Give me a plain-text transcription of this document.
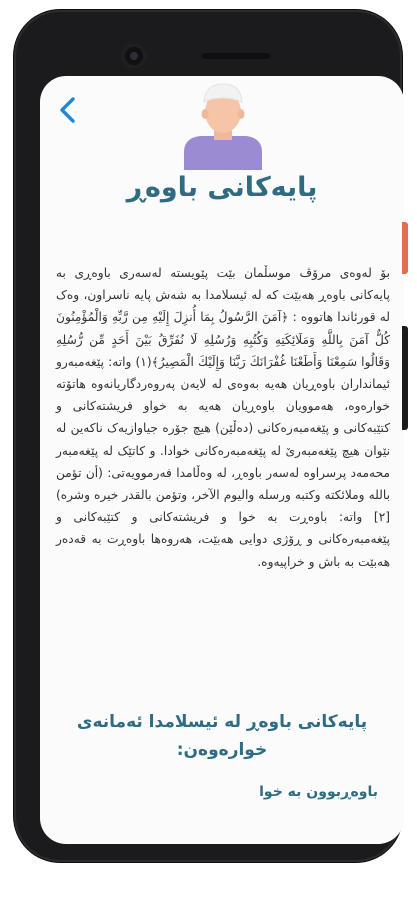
پایەکانی باوەڕ
بۆ لەوەی مرۆڤ موسڵمان بێت پێویستە لەسەری باوەڕی بە پایەکانی باوەڕ هەبێت کە لە ئیسلامدا بە شەش پایە ناسراون، وەک لە قورئاندا هاتووە : ﴿آمَنَ الرَّسُولُ بِمَا أُنزِلَ إِلَيْهِ مِن رَّبِّهِ وَالْمُؤْمِنُونَ كُلٌّ آمَنَ بِاللَّهِ وَمَلَائِكَتِهِ وَكُتُبِهِ وَرُسُلِهِ لَا نُفَرِّقُ بَيْنَ أَحَدٍ مِّن رُّسُلِهِ وَقَالُوا سَمِعْنَا وَأَطَعْنَا غُفْرَانَكَ رَبَّنَا وَإِلَيْكَ الْمَصِيرُ﴾(١) واتە: پێغەمبەرو ئیمانداران باوەڕیان هەیە بەوەی لە لایەن پەروەردگاریانەوە هاتۆتە خوارەوە، هەموویان باوەڕیان هەیە بە خواو فریشتەکانی و کتێبەکانی و پێغەمبەرەکانی (دەڵێن) هیچ جۆرە جیاوازیەک ناکەین لە نێوان هیچ پێغەمبەرێ لە پێغەمبەرەکانی خوادا. و کاتێک لە پێغەمبەر محەمەد پرسراوە لەسەر باوەڕ، لە وەڵامدا فەرموویەتی: (أن تؤمن بالله وملائكته وكتبه ورسله واليوم الآخر، وتؤمن بالقدر خيره وشره)[٢] واتە: باوەڕت بە خوا و فریشتەکانی و کتێبەکانی و پێغەمبەرەکانی و ڕۆژی دوایی هەبێت، هەروەها باوەڕت بە قەدەر هەبێت بە باش و خراپیەوە.
پایەکانی باوەڕ لە ئیسلامدا ئەمانەی خوارەوەن:
باوەڕبوون بە خوا
